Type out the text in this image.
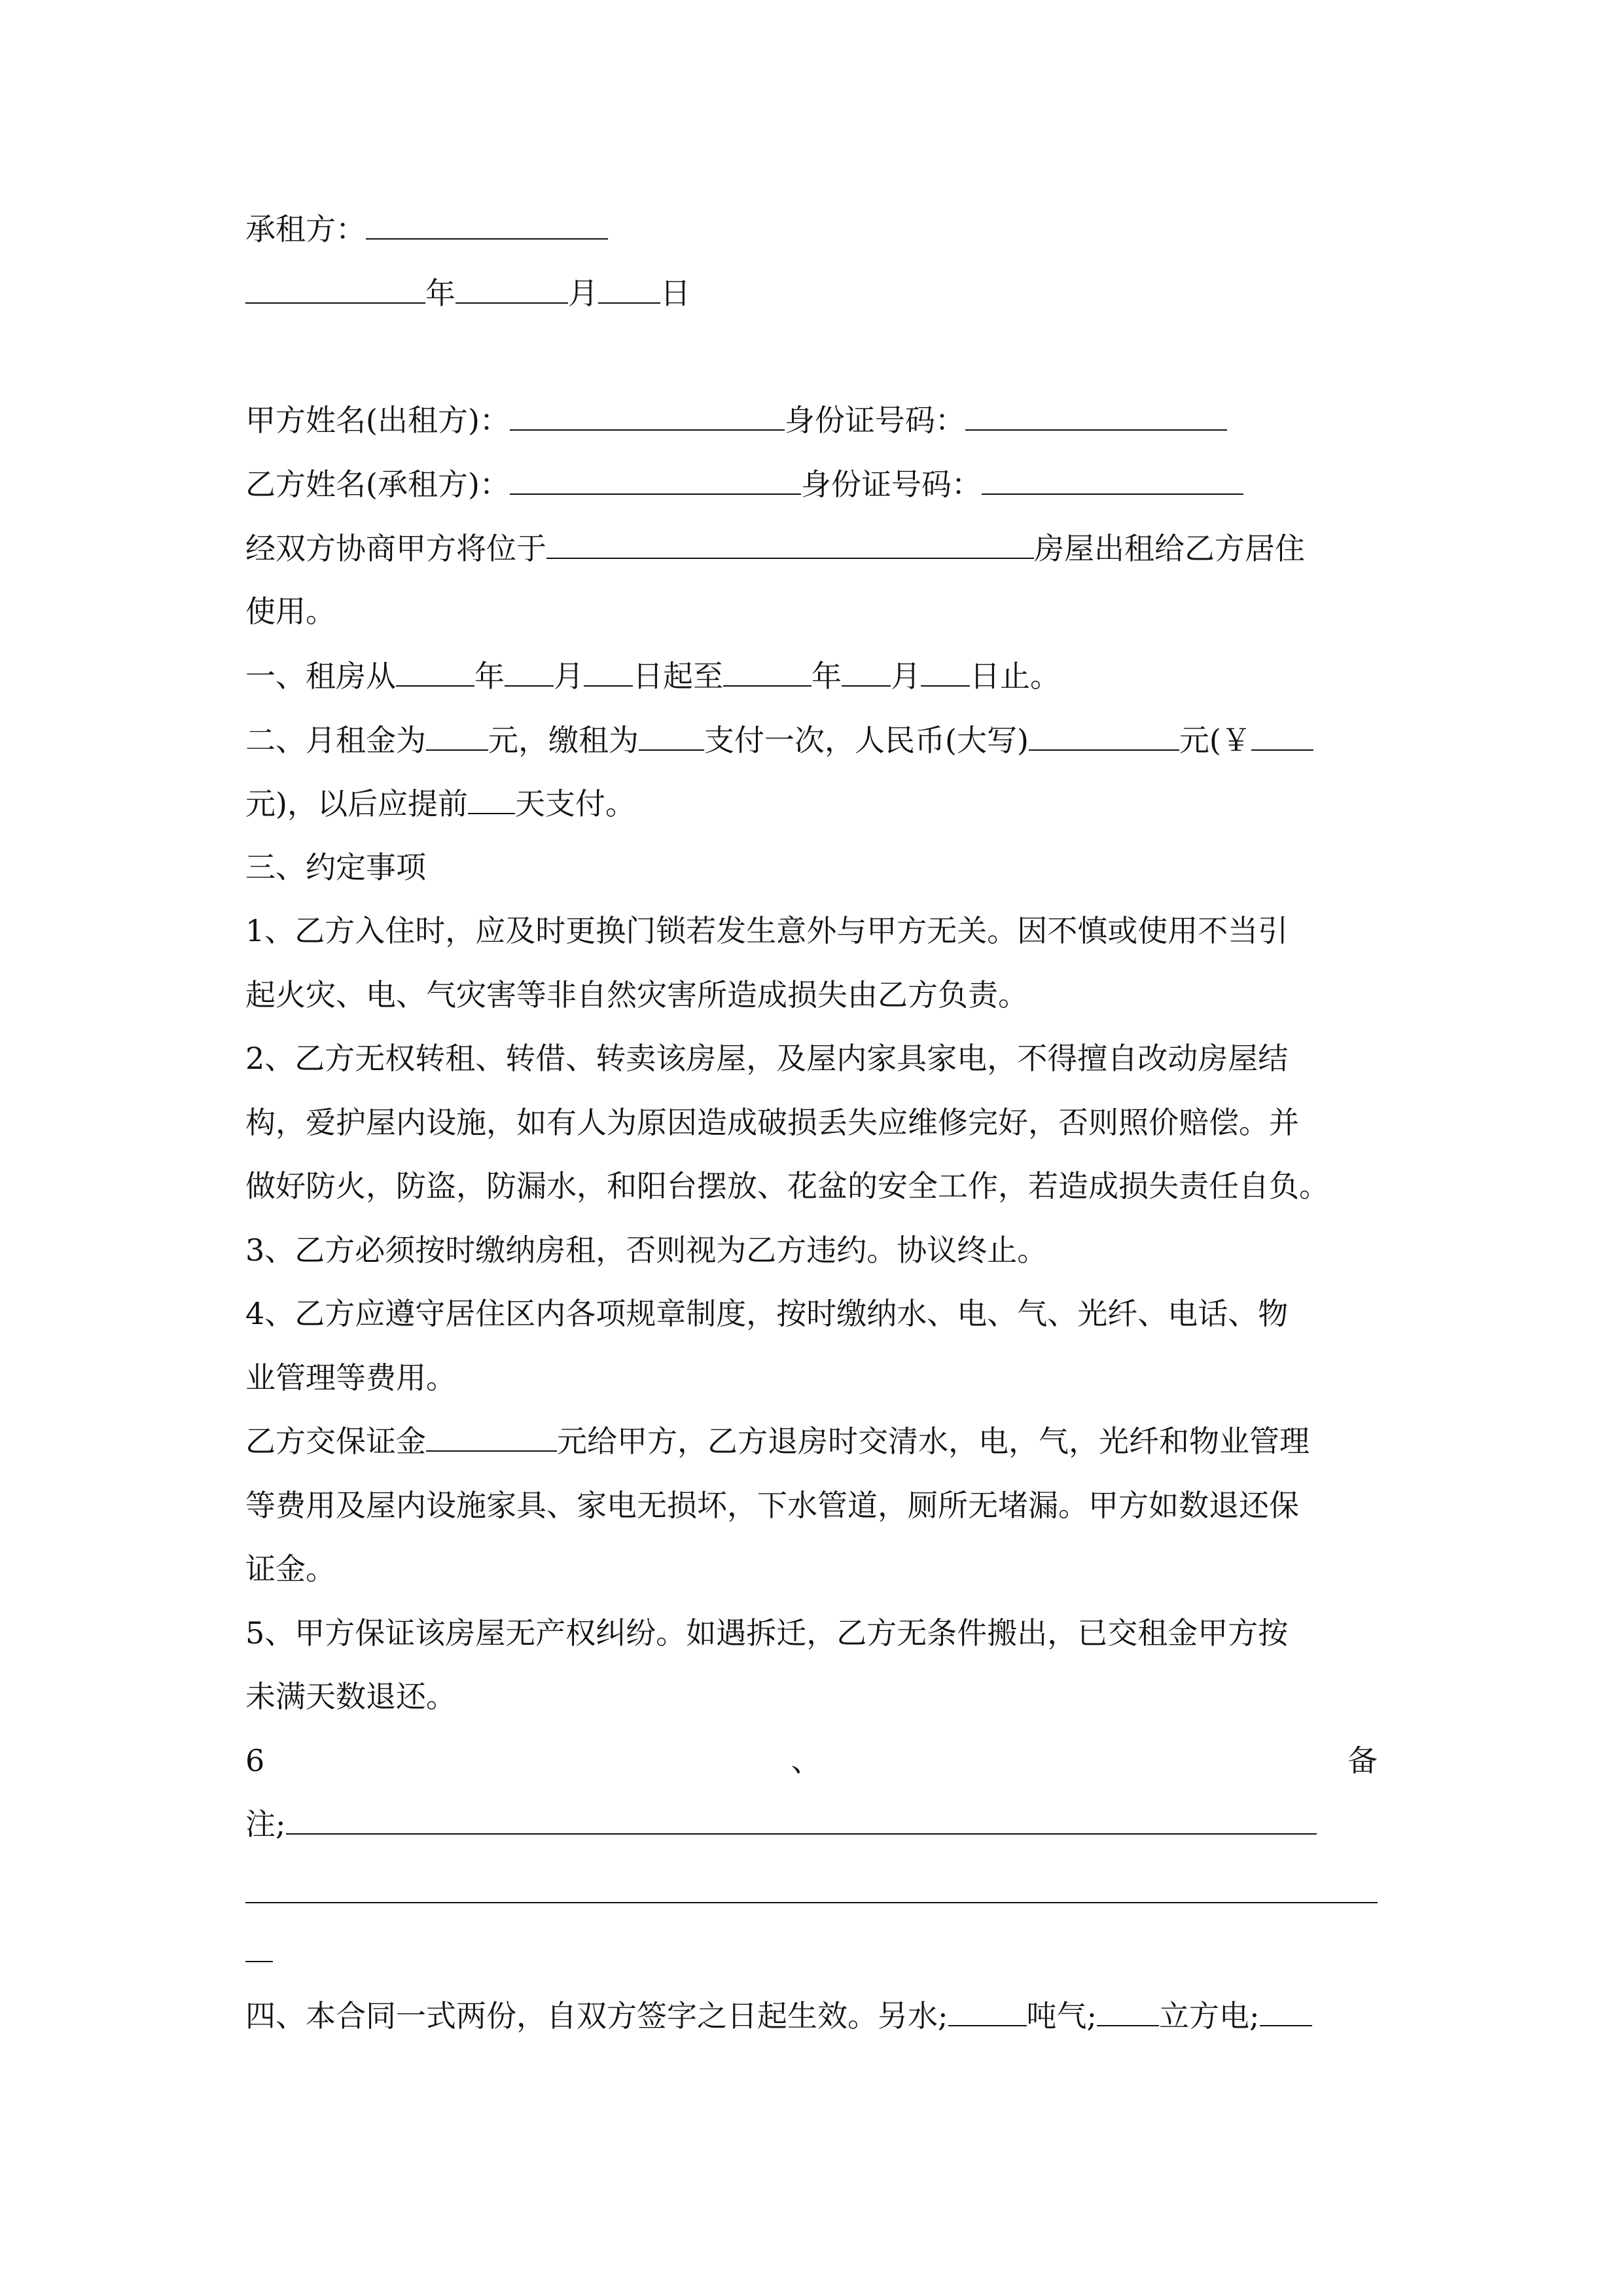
承租方：
年	月 日
甲方姓名(出租方)：	身份证号码：
乙方姓名(承租方)：	身份证号码：
经双方协商甲方将位于	房屋出租给乙方居住
使用。
一、租房从	年 月 日起至	年 月 日止。
二、月租金为 元，缴租为 支付一次，人民币(大写)	元(￥
元)，以后应提前 天支付。
三、约定事项
1、乙方入住时，应及时更换门锁若发生意外与甲方无关。因不慎或使用不当引
起火灾、电、气灾害等非自然灾害所造成损失由乙方负责。
2、乙方无权转租、转借、转卖该房屋，及屋内家具家电，不得擅自改动房屋结
构，爱护屋内设施，如有人为原因造成破损丢失应维修完好，否则照价赔偿。并
做好防火，防盗，防漏水，和阳台摆放、花盆的安全工作，若造成损失责任自负。
3、乙方必须按时缴纳房租，否则视为乙方违约。协议终止。
4、乙方应遵守居住区内各项规章制度，按时缴纳水、电、气、光纤、电话、物
业管理等费用。
乙方交保证金	元给甲方，乙方退房时交清水，电，气，光纤和物业管理
等费用及屋内设施家具、家电无损坏，下水管道，厕所无堵漏。甲方如数退还保
证金。
5、甲方保证该房屋无产权纠纷。如遇拆迁，乙方无条件搬出，已交租金甲方按
未满天数退还。
6	、	备
注;
四、本合同一式两份，自双方签字之日起生效。另水;	吨气; 立方电;
